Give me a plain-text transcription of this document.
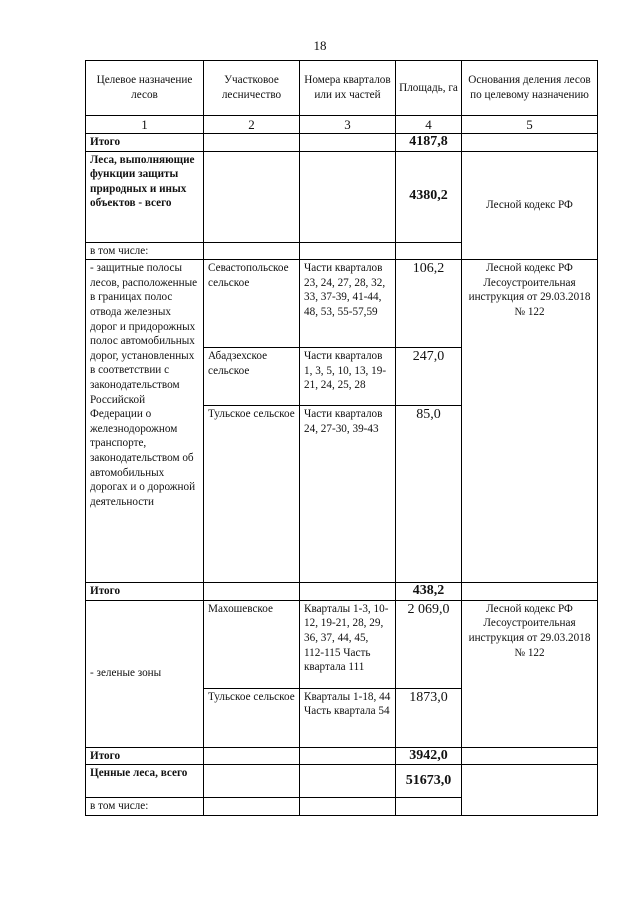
18
Целевое назначение лесов	Участковое лесничество	Номера кварталов или их частей	Площадь, га	Основания деления лесов по целевому назначению
1	2	3	4	5
Итого			4187,8	
Леса, выполняющие функции защиты природных и иных объектов - всего			4380,2	Лесной кодекс РФ
в том числе:				
- защитные полосы лесов, расположенные в границах полос отвода железных дорог и придорожных полос автомобильных дорог, установленных в соответствии с законодательством Российской Федерации о железнодорожном транспорте, законодательством об автомобильных дорогах и о дорожной деятельности	Севастопольское сельское	Части кварталов 23, 24, 27, 28, 32, 33, 37-39, 41-44, 48, 53, 55-57,59	106,2	Лесной кодекс РФ Лесоустроительная инструкция от 29.03.2018 № 122
	Абадзехское сельское	Части кварталов 1, 3, 5, 10, 13, 19-21, 24, 25, 28	247,0	
	Тульское сельское	Части кварталов 24, 27-30, 39-43	85,0	
Итого			438,2	
- зеленые зоны	Махошевское	Кварталы 1-3, 10-12, 19-21, 28, 29, 36, 37, 44, 45, 112-115 Часть квартала 111	2 069,0	Лесной кодекс РФ Лесоустроительная инструкция от 29.03.2018 № 122
	Тульское сельское	Кварталы 1-18, 44 Часть квартала 54	1873,0	
Итого			3942,0	
Ценные леса, всего			51673,0	
в том числе:				
